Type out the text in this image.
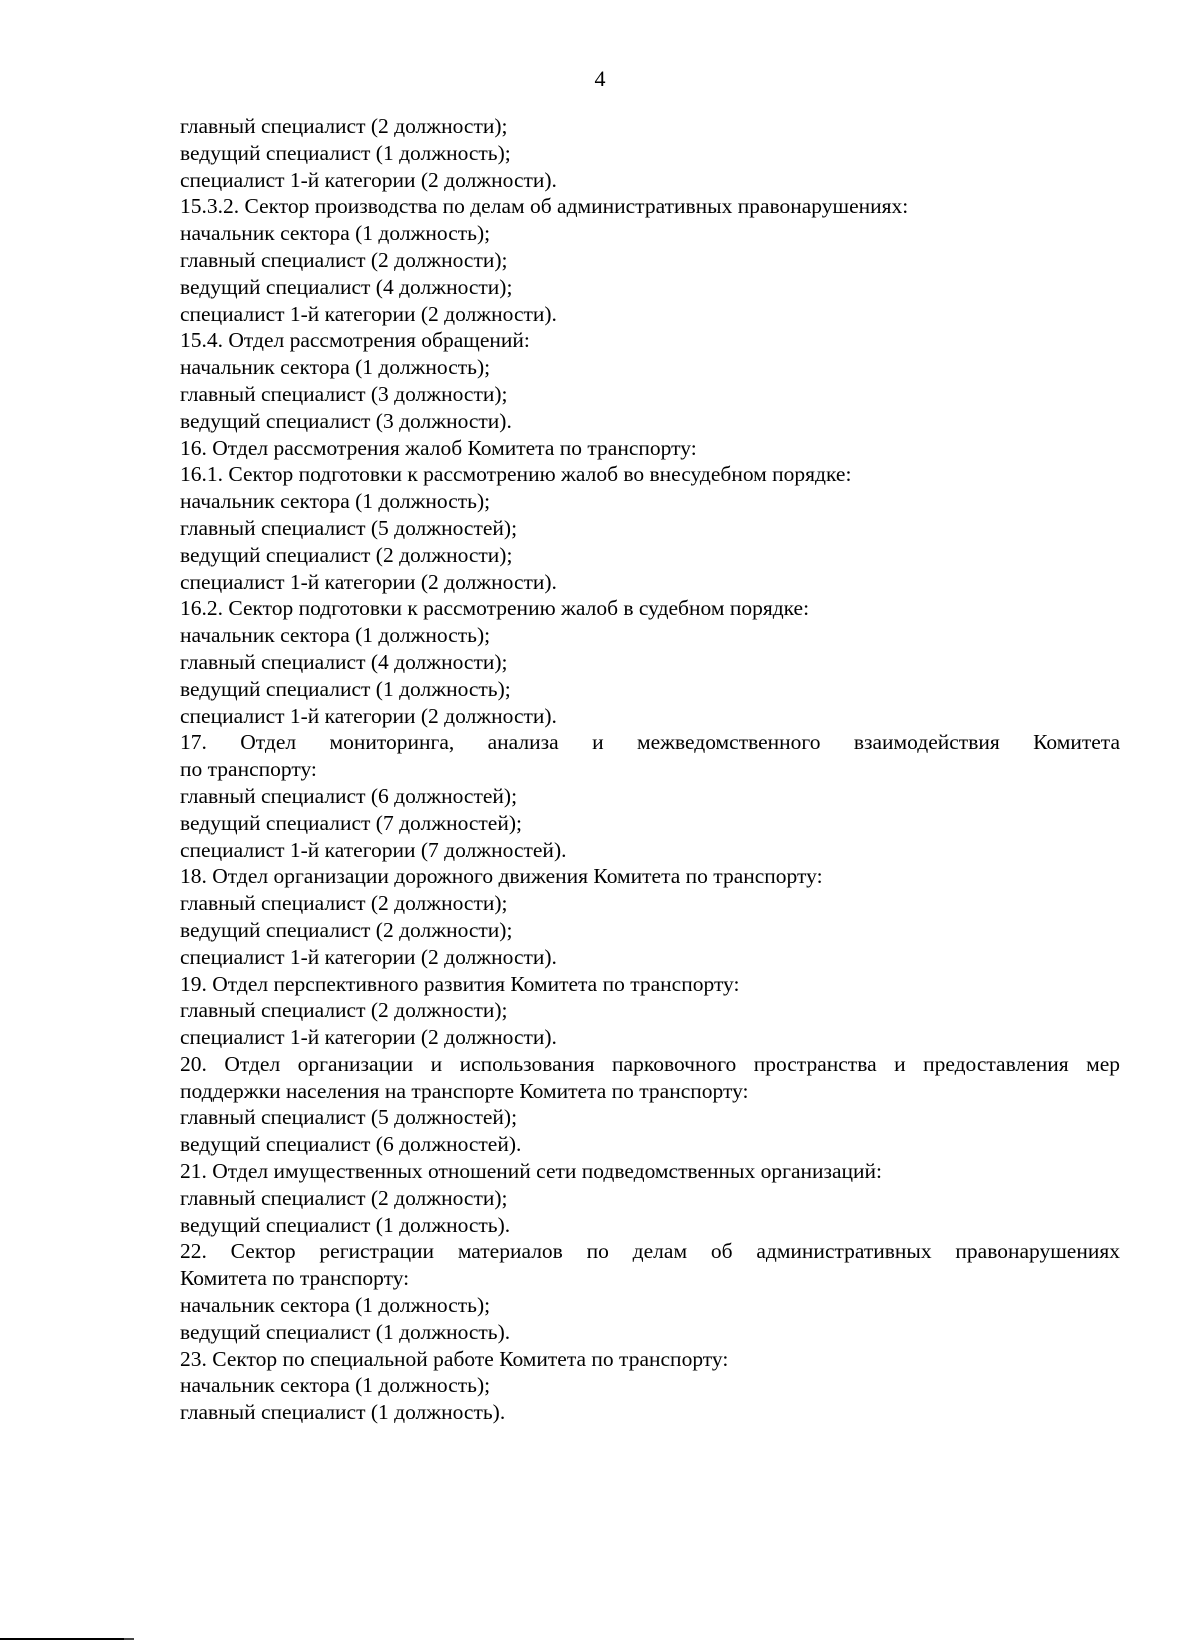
4
главный специалист (2 должности);
ведущий специалист (1 должность);
специалист 1-й категории (2 должности).
15.3.2. Сектор производства по делам об административных правонарушениях:
начальник сектора (1 должность);
главный специалист (2 должности);
ведущий специалист (4 должности);
специалист 1-й категории (2 должности).
15.4. Отдел рассмотрения обращений:
начальник сектора (1 должность);
главный специалист (3 должности);
ведущий специалист (3 должности).
16. Отдел рассмотрения жалоб Комитета по транспорту:
16.1. Сектор подготовки к рассмотрению жалоб во внесудебном порядке:
начальник сектора (1 должность);
главный специалист (5 должностей);
ведущий специалист (2 должности);
специалист 1-й категории (2 должности).
16.2. Сектор подготовки к рассмотрению жалоб в судебном порядке:
начальник сектора (1 должность);
главный специалист (4 должности);
ведущий специалист (1 должность);
специалист 1-й категории (2 должности).
17. Отдел мониторинга, анализа и межведомственного взаимодействия Комитета
по транспорту:
главный специалист (6 должностей);
ведущий специалист (7 должностей);
специалист 1-й категории (7 должностей).
18. Отдел организации дорожного движения Комитета по транспорту:
главный специалист (2 должности);
ведущий специалист (2 должности);
специалист 1-й категории (2 должности).
19. Отдел перспективного развития Комитета по транспорту:
главный специалист (2 должности);
специалист 1-й категории (2 должности).
20. Отдел организации и использования парковочного пространства и предоставления мер
поддержки населения на транспорте Комитета по транспорту:
главный специалист (5 должностей);
ведущий специалист (6 должностей).
21. Отдел имущественных отношений сети подведомственных организаций:
главный специалист (2 должности);
ведущий специалист (1 должность).
22. Сектор регистрации материалов по делам об административных правонарушениях
Комитета по транспорту:
начальник сектора (1 должность);
ведущий специалист (1 должность).
23. Сектор по специальной работе Комитета по транспорту:
начальник сектора (1 должность);
главный специалист (1 должность).
